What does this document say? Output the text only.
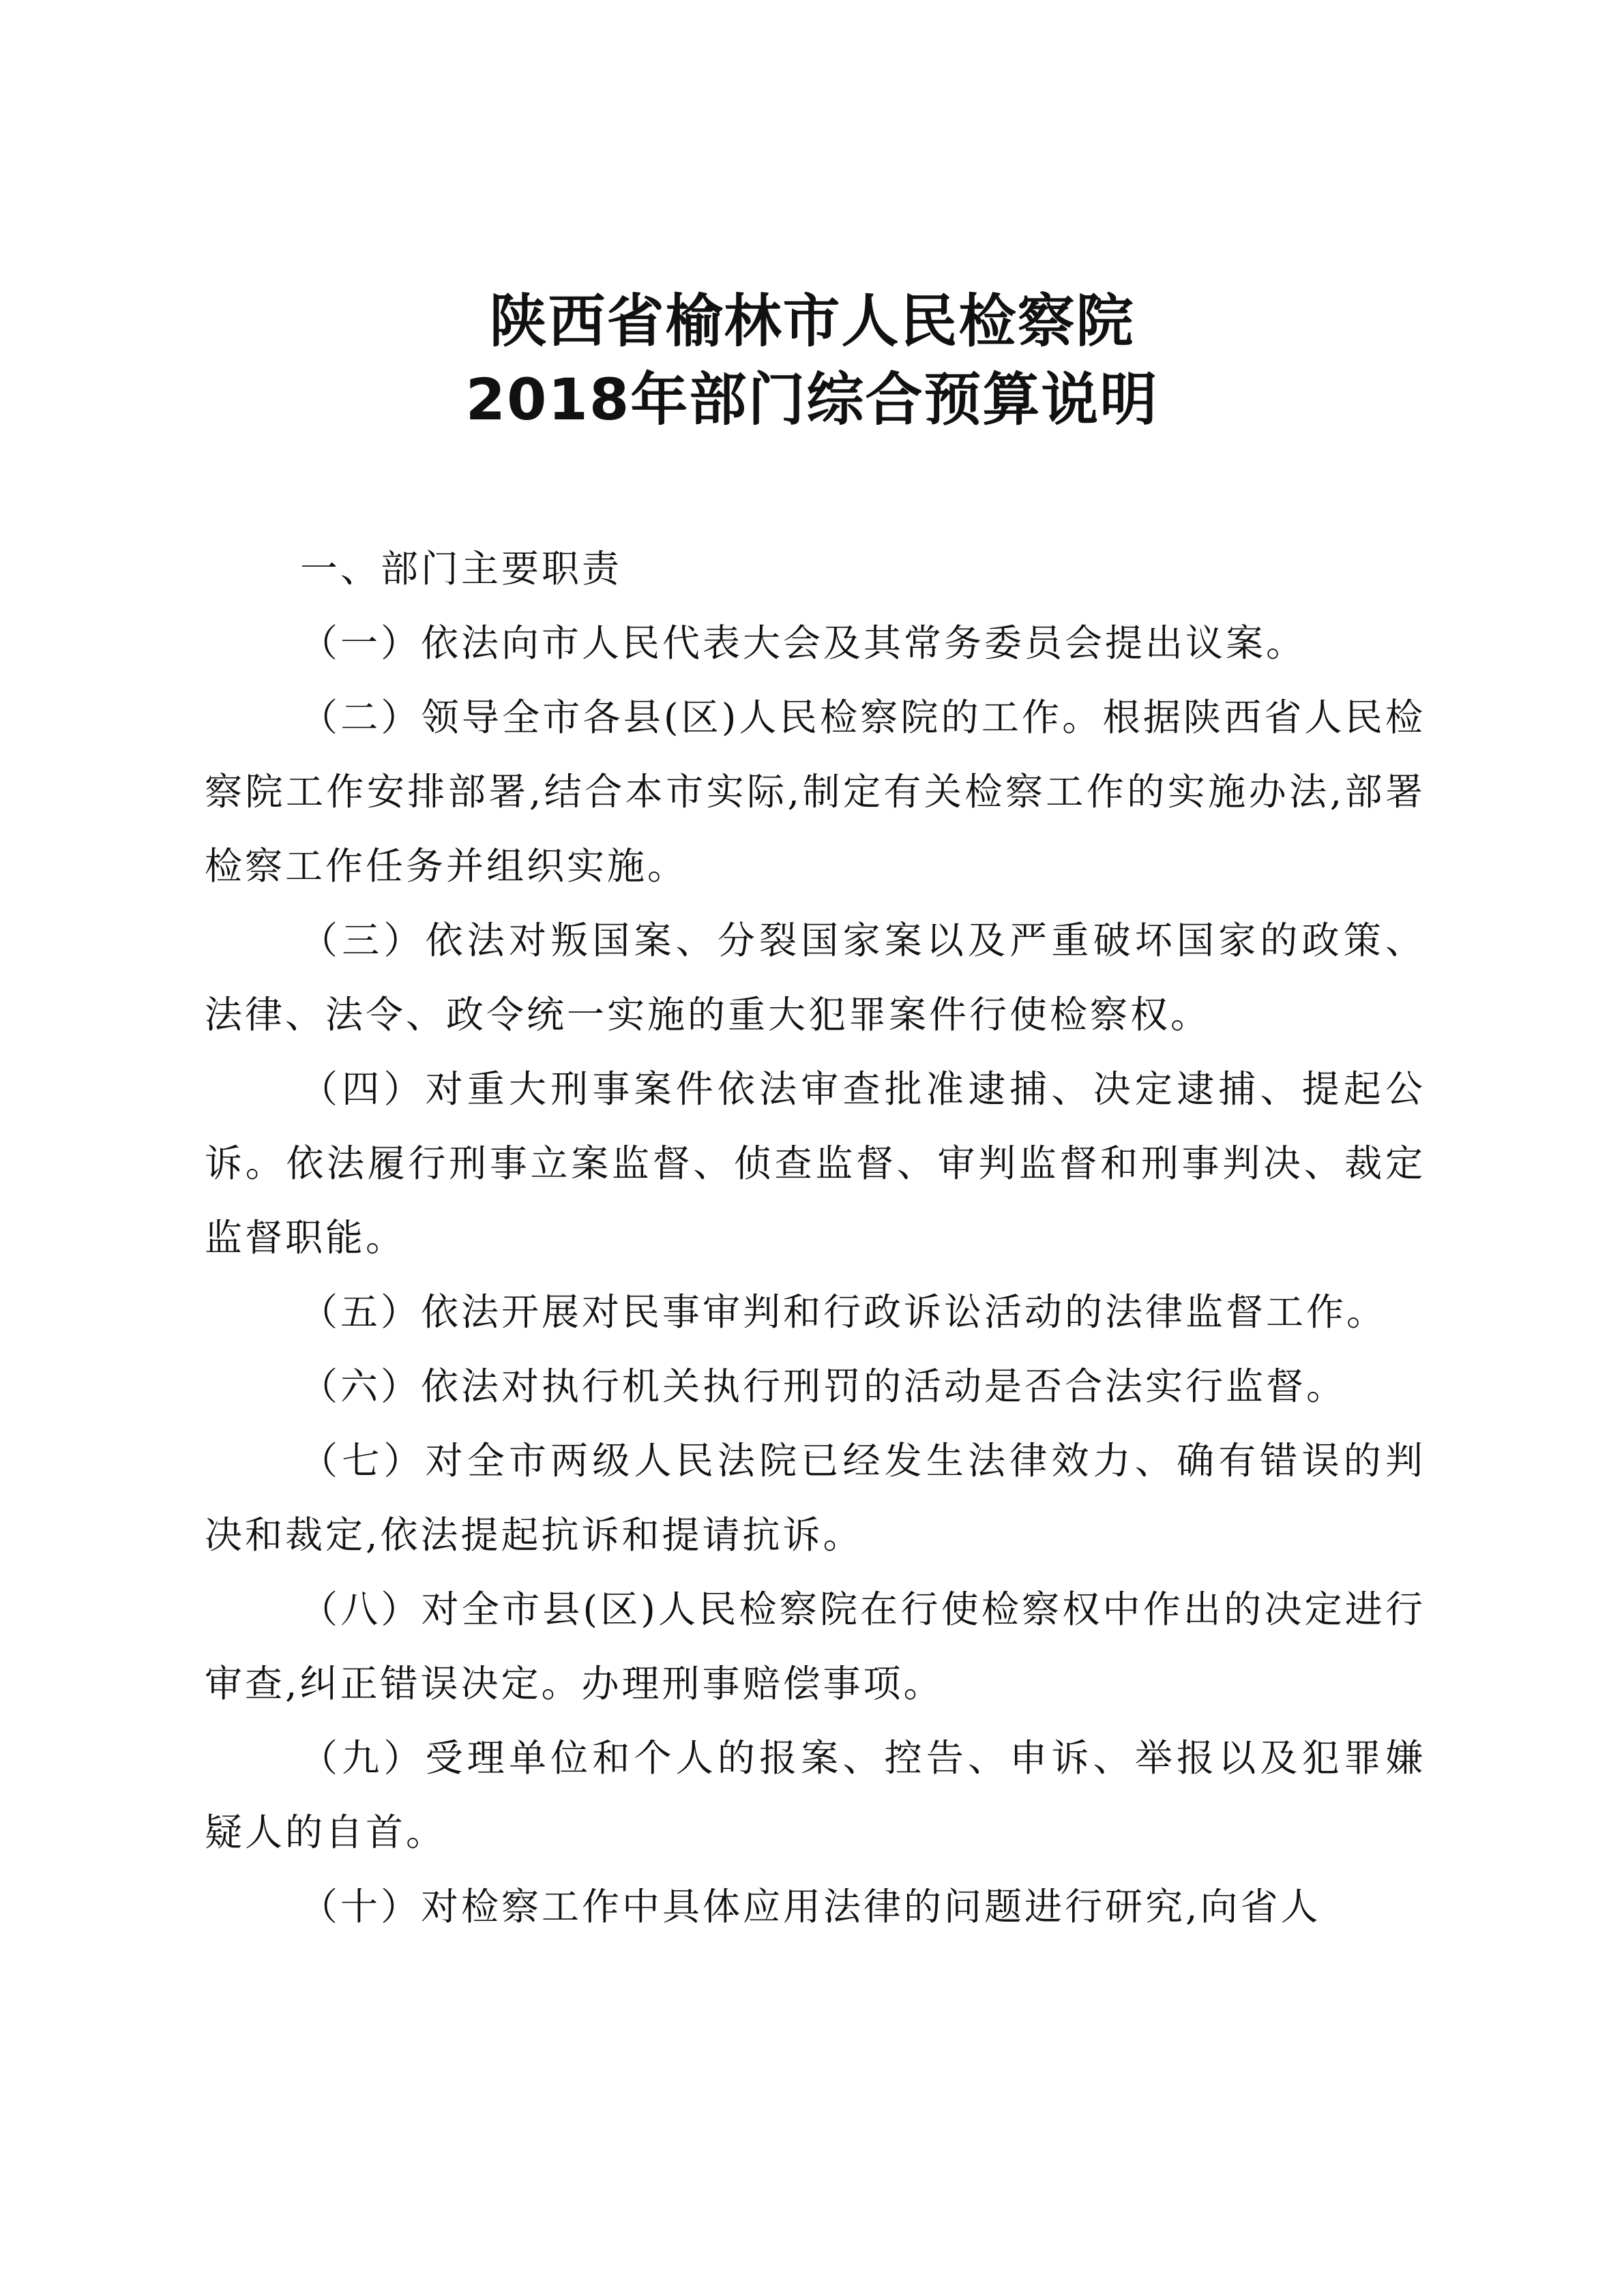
陕西省榆林市人民检察院
2018年部门综合预算说明

一、部门主要职责

（一）依法向市人民代表大会及其常务委员会提出议案。

（二）领导全市各县(区)人民检察院的工作。根据陕西省人民检察院工作安排部署,结合本市实际,制定有关检察工作的实施办法,部署检察工作任务并组织实施。

（三）依法对叛国案、分裂国家案以及严重破坏国家的政策、法律、法令、政令统一实施的重大犯罪案件行使检察权。

（四）对重大刑事案件依法审查批准逮捕、决定逮捕、提起公诉。依法履行刑事立案监督、侦查监督、审判监督和刑事判决、裁定监督职能。

（五）依法开展对民事审判和行政诉讼活动的法律监督工作。

（六）依法对执行机关执行刑罚的活动是否合法实行监督。

（七）对全市两级人民法院已经发生法律效力、确有错误的判决和裁定,依法提起抗诉和提请抗诉。

（八）对全市县(区)人民检察院在行使检察权中作出的决定进行审查,纠正错误决定。办理刑事赔偿事项。

（九）受理单位和个人的报案、控告、申诉、举报以及犯罪嫌疑人的自首。

（十）对检察工作中具体应用法律的问题进行研究,向省人
